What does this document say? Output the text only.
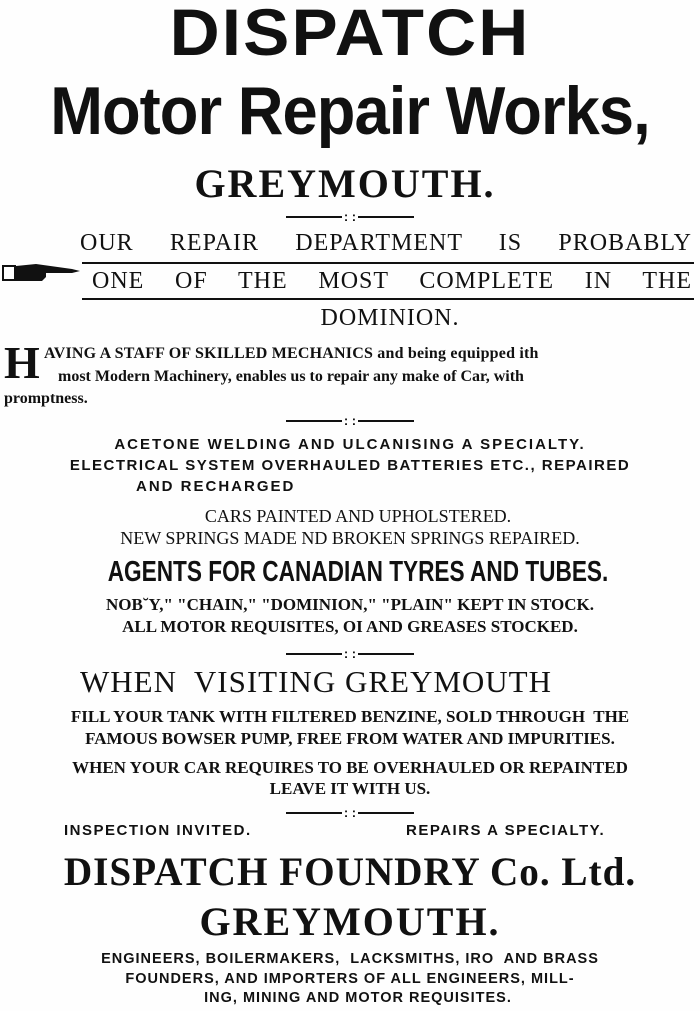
DISPATCH
Motor Repair Works,
GREYMOUTH.
: :
OUR REPAIR DEPARTMENT IS PROBABLY
ONE OF THE MOST COMPLETE IN THE
DOMINION.
H AVING A STAFF OF SKILLED MECHANICS and being equipped ith
most Modern Machinery, enables us to repair any make of Car, with
promptness.
: :
ACETONE WELDING AND ULCANISING A SPECIALTY.
ELECTRICAL SYSTEM OVERHAULED BATTERIES ETC., REPAIRED
AND RECHARGED
CARS PAINTED AND UPHOLSTERED.
NEW SPRINGS MADE ND BROKEN SPRINGS REPAIRED.
AGENTS FOR CANADIAN TYRES AND TUBES.
NOB˘Y," "CHAIN," "DOMINION," "PLAIN" KEPT IN STOCK.
ALL MOTOR REQUISITES, OI AND GREASES STOCKED.
: :
WHEN  VISITING GREYMOUTH
FILL YOUR TANK WITH FILTERED BENZINE, SOLD THROUGH  THE
FAMOUS BOWSER PUMP, FREE FROM WATER AND IMPURITIES.
WHEN YOUR CAR REQUIRES TO BE OVERHAULED OR REPAINTED
LEAVE IT WITH US.
: :
INSPECTION INVITED.	REPAIRS A SPECIALTY.
DISPATCH FOUNDRY Co. Ltd.
GREYMOUTH.
ENGINEERS, BOILERMAKERS,  LACKSMITHS, IRO  AND BRASS
FOUNDERS, AND IMPORTERS OF ALL ENGINEERS, MILL-
ING, MINING AND MOTOR REQUISITES.
